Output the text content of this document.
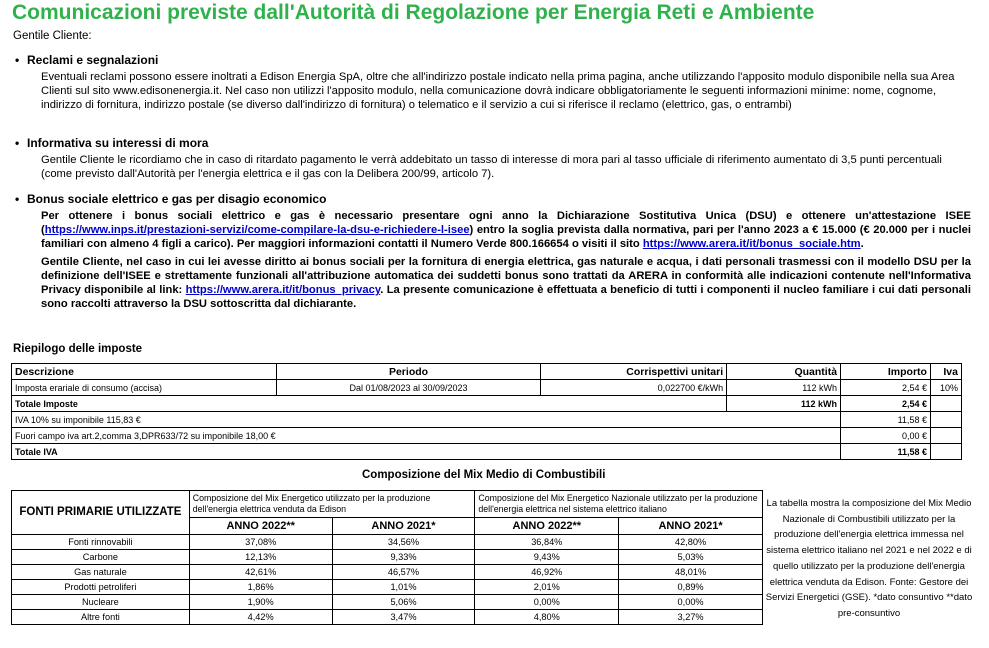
Comunicazioni previste dall'Autorità di Regolazione per Energia Reti e Ambiente
Gentile Cliente:
• Reclami e segnalazioni
Eventuali reclami possono essere inoltrati a Edison Energia SpA, oltre che all'indirizzo postale indicato nella prima pagina, anche utilizzando l'apposito modulo disponibile nella sua Area Clienti sul sito www.edisonenergia.it. Nel caso non utilizzi l'apposito modulo, nella comunicazione dovrà indicare obbligatoriamente le seguenti informazioni minime: nome, cognome, indirizzo di fornitura, indirizzo postale (se diverso dall'indirizzo di fornitura) o telematico e il servizio a cui si riferisce il reclamo (elettrico, gas, o entrambi)
• Informativa su interessi di mora
Gentile Cliente le ricordiamo che in caso di ritardato pagamento le verrà addebitato un tasso di interesse di mora pari al tasso ufficiale di riferimento aumentato di 3,5 punti percentuali (come previsto dall'Autorità per l'energia elettrica e il gas con la Delibera 200/99, articolo 7).
• Bonus sociale elettrico e gas per disagio economico

Per ottenere i bonus sociali elettrico e gas è necessario presentare ogni anno la Dichiarazione Sostitutiva Unica (DSU) e ottenere un'attestazione ISEE (https://www.inps.it/prestazioni-servizi/come-compilare-la-dsu-e-richiedere-l-isee) entro la soglia prevista dalla normativa, pari per l'anno 2023 a € 15.000 (€ 20.000 per i nuclei familiari con almeno 4 figli a carico). Per maggiori informazioni contatti il Numero Verde 800.166654 o visiti il sito https://www.arera.it/it/bonus_sociale.htm.

Gentile Cliente, nel caso in cui lei avesse diritto ai bonus sociali per la fornitura di energia elettrica, gas naturale e acqua, i dati personali trasmessi con il modello DSU per la definizione dell'ISEE e strettamente funzionali all'attribuzione automatica dei suddetti bonus sono trattati da ARERA in conformità alle indicazioni contenute nell'Informativa Privacy disponibile al link: https://www.arera.it/it/bonus_privacy. La presente comunicazione è effettuata a beneficio di tutti i componenti il nucleo familiare i cui dati personali sono raccolti attraverso la DSU sottoscritta dal dichiarante.

Riepilogo delle imposte
Descrizione	Periodo	Corrispettivi unitari	Quantità	Importo	Iva
Imposta erariale di consumo (accisa)	Dal 01/08/2023 al 30/09/2023	0,022700 €/kWh	112 kWh	2,54 €	10%
Totale Imposte			112 kWh	2,54 €	
IVA 10% su imponibile 115,83 €				11,58 €	
Fuori campo iva art.2,comma 3,DPR633/72 su imponibile 18,00 €				0,00 €	
Totale IVA				11,58 €	
Composizione del Mix Medio di Combustibili
FONTI PRIMARIE UTILIZZATE	Composizione del Mix Energetico utilizzato per la produzione dell'energia elettrica venduta da Edison		Composizione del Mix Energetico Nazionale utilizzato per la produzione dell'energia elettrica nel sistema elettrico italiano	
	ANNO 2022**	ANNO 2021*	ANNO 2022**	ANNO 2021*
Fonti rinnovabili	37,08%	34,56%	36,84%	42,80%
Carbone	12,13%	9,33%	9,43%	5,03%
Gas naturale	42,61%	46,57%	46,92%	48,01%
Prodotti petroliferi	1,86%	1,01%	2,01%	0,89%
Nucleare	1,90%	5,06%	0,00%	0,00%
Altre fonti	4,42%	3,47%	4,80%	3,27%
La tabella mostra la composizione del Mix Medio Nazionale di Combustibili utilizzato per la produzione dell'energia elettrica immessa nel sistema elettrico italiano nel 2021 e nel 2022 e di quello utilizzato per la produzione dell'energia elettrica venduta da Edison. Fonte: Gestore dei Servizi Energetici (GSE). *dato consuntivo **dato pre-consuntivo
